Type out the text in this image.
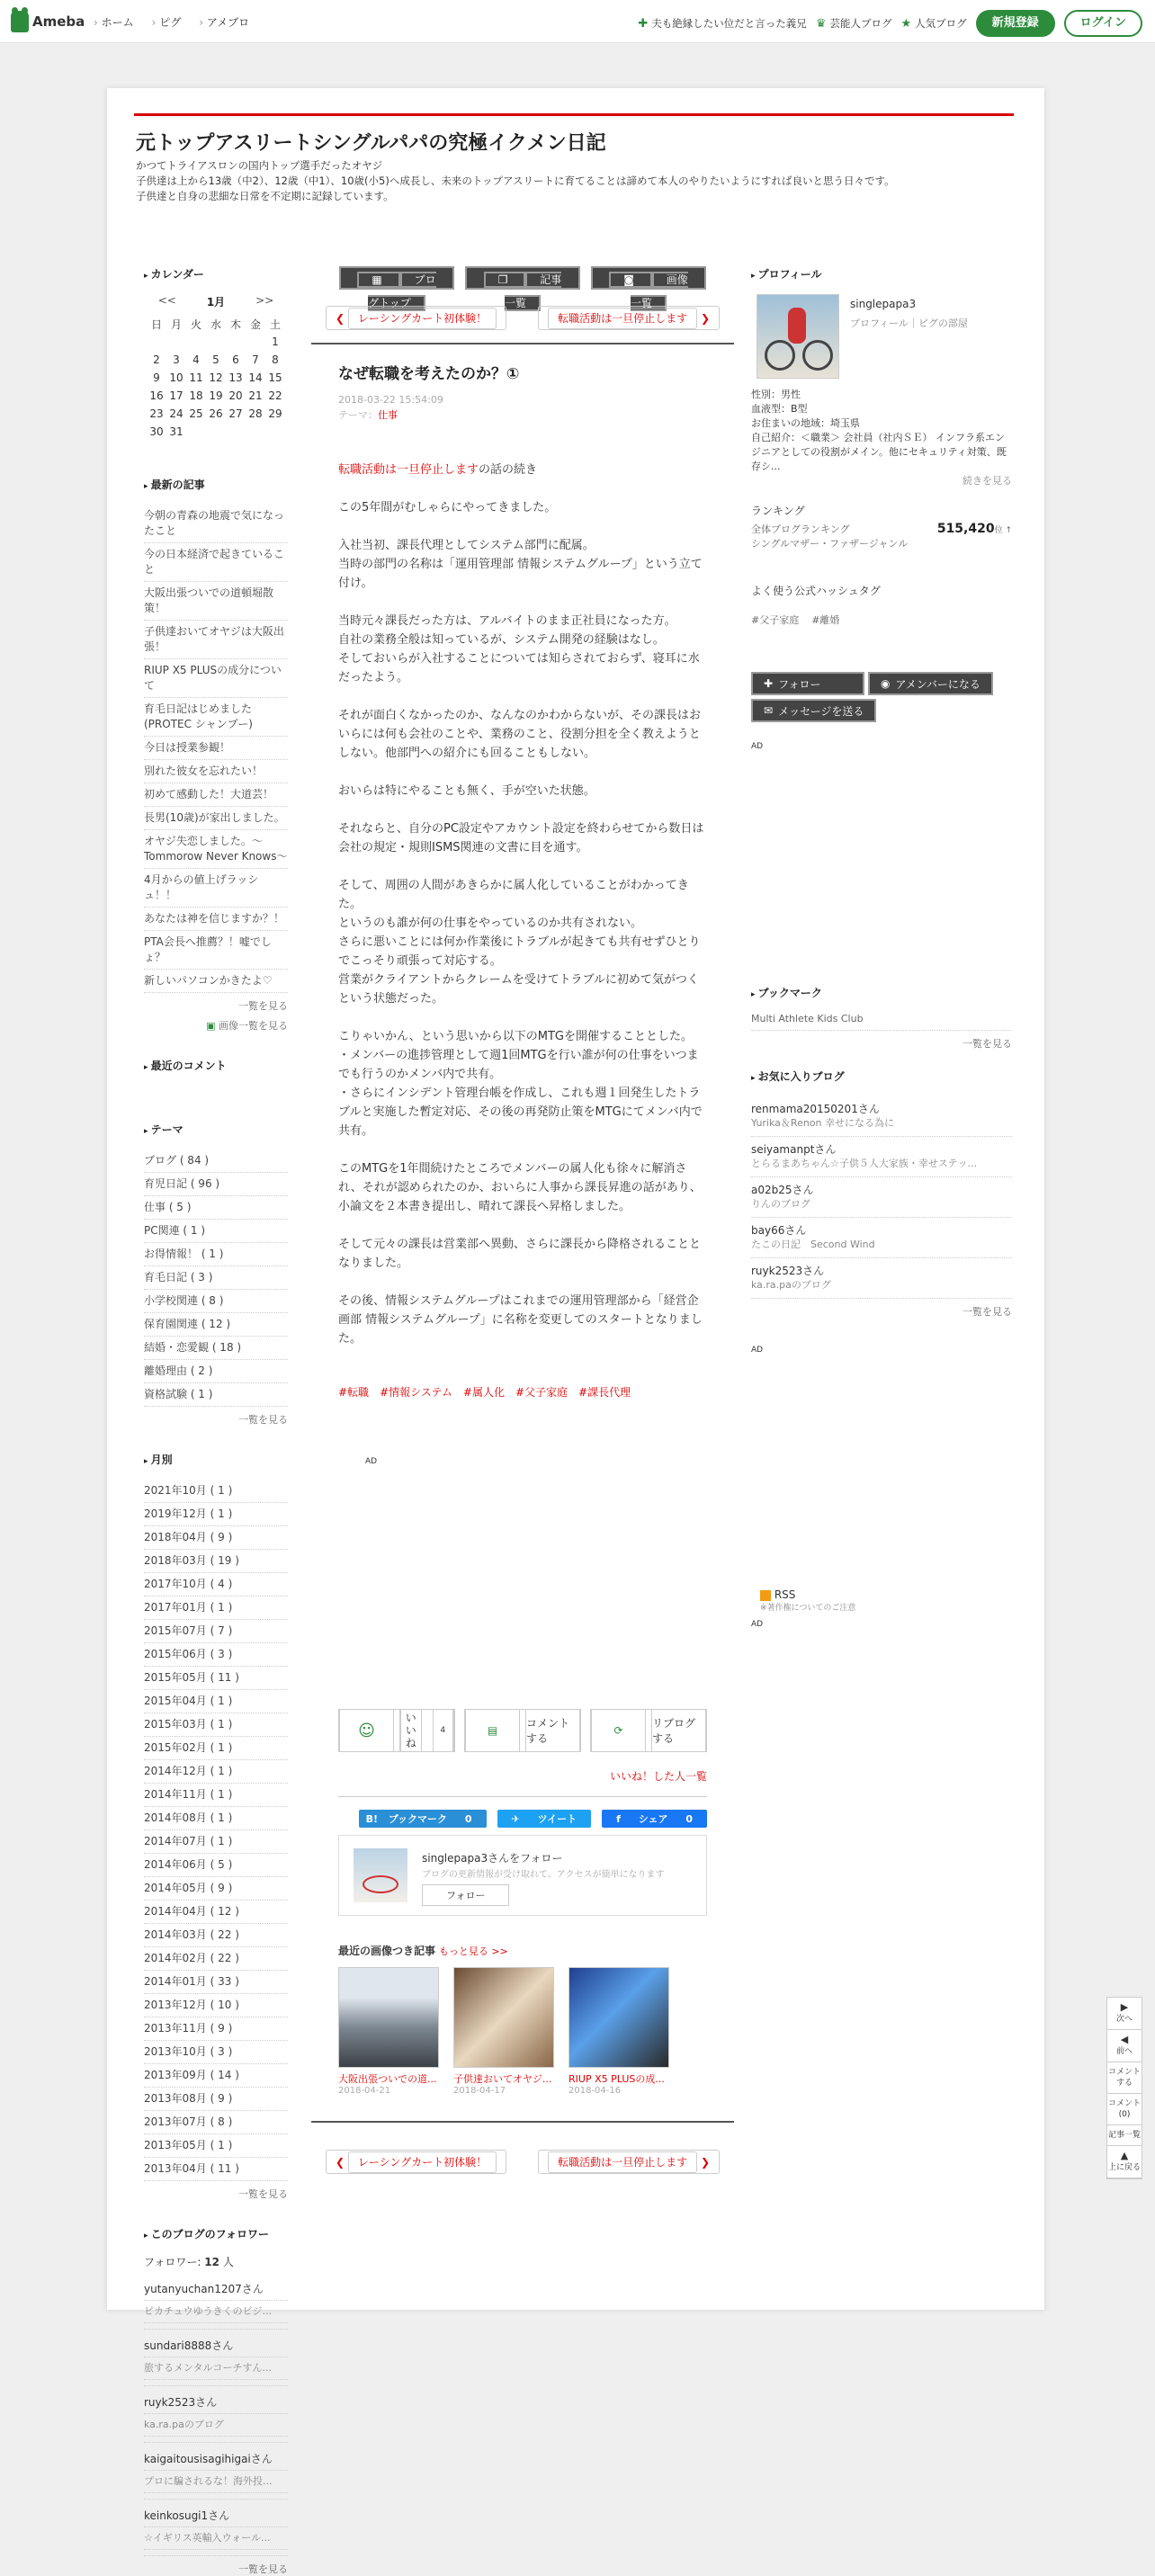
Ameba	› ホーム	› ピグ	› アメブロ	✚ 夫も絶縁したい位だと言った義兄 ♛ 芸能人ブログ ★ 人気ブログ	新規登録	ログイン
元トップアスリートシングルパパの究極イクメン日記
かつてトライアスロンの国内トップ選手だったオヤジ
子供達は上から13歳（中2）、12歳（中1）、10歳(小5)へ成長し、未来のトップアスリートに育てることは諦めて本人のやりたいようにすれば良いと思う日々です。
子供達と自身の悲細な日常を不定期に記録しています。
▸ カレンダー
<<	1月	>>
日	月	火	水	木	金	土
						1
2	3	4	5	6	7	8
9	10	11	12	13	14	15
16	17	18	19	20	21	22
23	24	25	26	27	28	29
30	31					
▸ 最新の記事
今朝の青森の地震で気になったこと
今の日本経済で起きていること
大阪出張ついでの道頓堀散策！
子供達おいてオヤジは大阪出張！
RIUP X5 PLUSの成分について
育毛日記はじめました(PROTEC シャンプー)
今日は授業参観！
別れた彼女を忘れたい！
初めて感動した！大道芸！
長男(10歳)が家出しました。
オヤジ失恋しました。〜Tommorow Never Knows〜
4月からの値上げラッシュ！！
あなたは神を信じますか？！
PTA会長へ推薦？！嘘でしょ？
新しいパソコンかきたよ♡
一覧を見る
▣ 画像一覧を見る
▸ 最近のコメント
▸ テーマ
ブログ ( 84 )
育児日記 ( 96 )
仕事 ( 5 )
PC関連 ( 1 )
お得情報！ ( 1 )
育毛日記 ( 3 )
小学校関連 ( 8 )
保育園関連 ( 12 )
結婚・恋愛観 ( 18 )
離婚理由 ( 2 )
資格試験 ( 1 )
一覧を見る
▸ 月別
2021年10月 ( 1 )
2019年12月 ( 1 )
2018年04月 ( 9 )
2018年03月 ( 19 )
2017年10月 ( 4 )
2017年01月 ( 1 )
2015年07月 ( 7 )
2015年06月 ( 3 )
2015年05月 ( 11 )
2015年04月 ( 1 )
2015年03月 ( 1 )
2015年02月 ( 1 )
2014年12月 ( 1 )
2014年11月 ( 1 )
2014年08月 ( 1 )
2014年07月 ( 1 )
2014年06月 ( 5 )
2014年05月 ( 9 )
2014年04月 ( 12 )
2014年03月 ( 22 )
2014年02月 ( 22 )
2014年01月 ( 33 )
2013年12月 ( 10 )
2013年11月 ( 9 )
2013年10月 ( 3 )
2013年09月 ( 14 )
2013年08月 ( 9 )
2013年07月 ( 8 )
2013年05月 ( 1 )
2013年04月 ( 11 )
一覧を見る
▸ このブログのフォロワー
フォロワー: 12 人
yutanyuchan1207さん
ピカチュウゆうきくのビジ...
sundari8888さん
旅するメンタルコーチすん...
ruyk2523さん
ka.ra.paのブログ
kaigaitousisagihigaiさん
プロに騙されるな！海外投...
keinkosugi1さん
☆イギリス英輸入ウォール...
一覧を見る
▦	ブログトップ
❐	記事一覧
◙	画像一覧
❮ レーシングカート初体験！	転職活動は一旦停止します ❯
なぜ転職を考えたのか？①
2018-03-22 15:54:09
テーマ：仕事

転職活動は一旦停止しますの話の続き

この5年間がむしゃらにやってきました。

入社当初、課長代理としてシステム部門に配属。
当時の部門の名称は「運用管理部 情報システムグループ」という立て付け。

当時元々課長だった方は、アルバイトのまま正社員になった方。
自社の業務全般は知っているが、システム開発の経験はなし。
そしておいらが入社することについては知らされておらず、寝耳に水だったよう。

それが面白くなかったのか、なんなのかわからないが、その課長はおいらには何も会社のことや、業務のこと、役割分担を全く教えようとしない。他部門への紹介にも回ることもしない。

おいらは特にやることも無く、手が空いた状態。

それならと、自分のPC設定やアカウント設定を終わらせてから数日は会社の規定・規則ISMS関連の文書に目を通す。

そして、周囲の人間があきらかに属人化していることがわかってきた。
というのも誰が何の仕事をやっているのか共有されない。
さらに悪いことには何か作業後にトラブルが起きても共有せずひとりでこっそり頑張って対応する。
営業がクライアントからクレームを受けてトラブルに初めて気がつくという状態だった。

こりゃいかん、という思いから以下のMTGを開催することとした。
・メンバーの進捗管理として週1回MTGを行い誰が何の仕事をいつまでも行うのかメンバ内で共有。
・さらにインシデント管理台帳を作成し、これも週１回発生したトラブルと実施した暫定対応、その後の再発防止策をMTGにてメンバ内で共有。

このMTGを1年間続けたところでメンバーの属人化も徐々に解消され、それが認められたのか、おいらに人事から課長昇進の話があり、小論文を２本書き提出し、晴れて課長へ昇格しました。

そして元々の課長は営業部へ異動、さらに課長から降格されることとなりました。

その後、情報システムグループはこれまでの運用管理部から「経営企画部 情報システムグループ」に名称を変更してのスタートとなりました。

#転職 #情報システム #属人化 #父子家庭 #課長代理
AD
☺
いいね

4	▤
コメントする
⟳
リブログする
いいね！した人一覧
B! ブックマーク 0	✈ ツイート	f シェア 0
singlepapa3さんをフォロー
ブログの更新情報が受け取れて、アクセスが簡単になります
フォロー
最近の画像つき記事 もっと見る >>
大阪出張ついでの道...
2018-04-21
子供達おいてオヤジ...
2018-04-17
RIUP X5 PLUSの成...
2018-04-16
❮ レーシングカート初体験！	転職活動は一旦停止します ❯
▸ プロフィール
singlepapa3
プロフィール｜ピグの部屋
性別：男性
血液型：B型
お住まいの地域：埼玉県
自己紹介：＜職業＞ 会社員（社内ＳＥ） インフラ系エンジニアとしての役割がメイン。他にセキュリティ対策、既存シ...
続きを見る
ランキング
全体ブログランキング	515,420位 ↑
シングルマザー・ファザージャンル
よく使う公式ハッシュタグ
#父子家庭 #離婚
✚ フォロー	◉ アメンバーになる
✉ メッセージを送る
AD
▸ ブックマーク
Multi Athlete Kids Club
一覧を見る
▸ お気に入りブログ
renmama20150201さん
Yurika＆Renon 幸せになる為に
seiyamanptさん
とらるまあちゃん☆子供５人大家族・幸せステッ...
a02b25さん
りんのブログ
bay66さん
たこの日記　Second Wind
ruyk2523さん
ka.ra.paのブログ
一覧を見る
AD
RSS
※著作権についてのご注意
AD
▶
次へ
◀
前へ
コメントする
コメント(0)
記事一覧
▲
上に戻る
